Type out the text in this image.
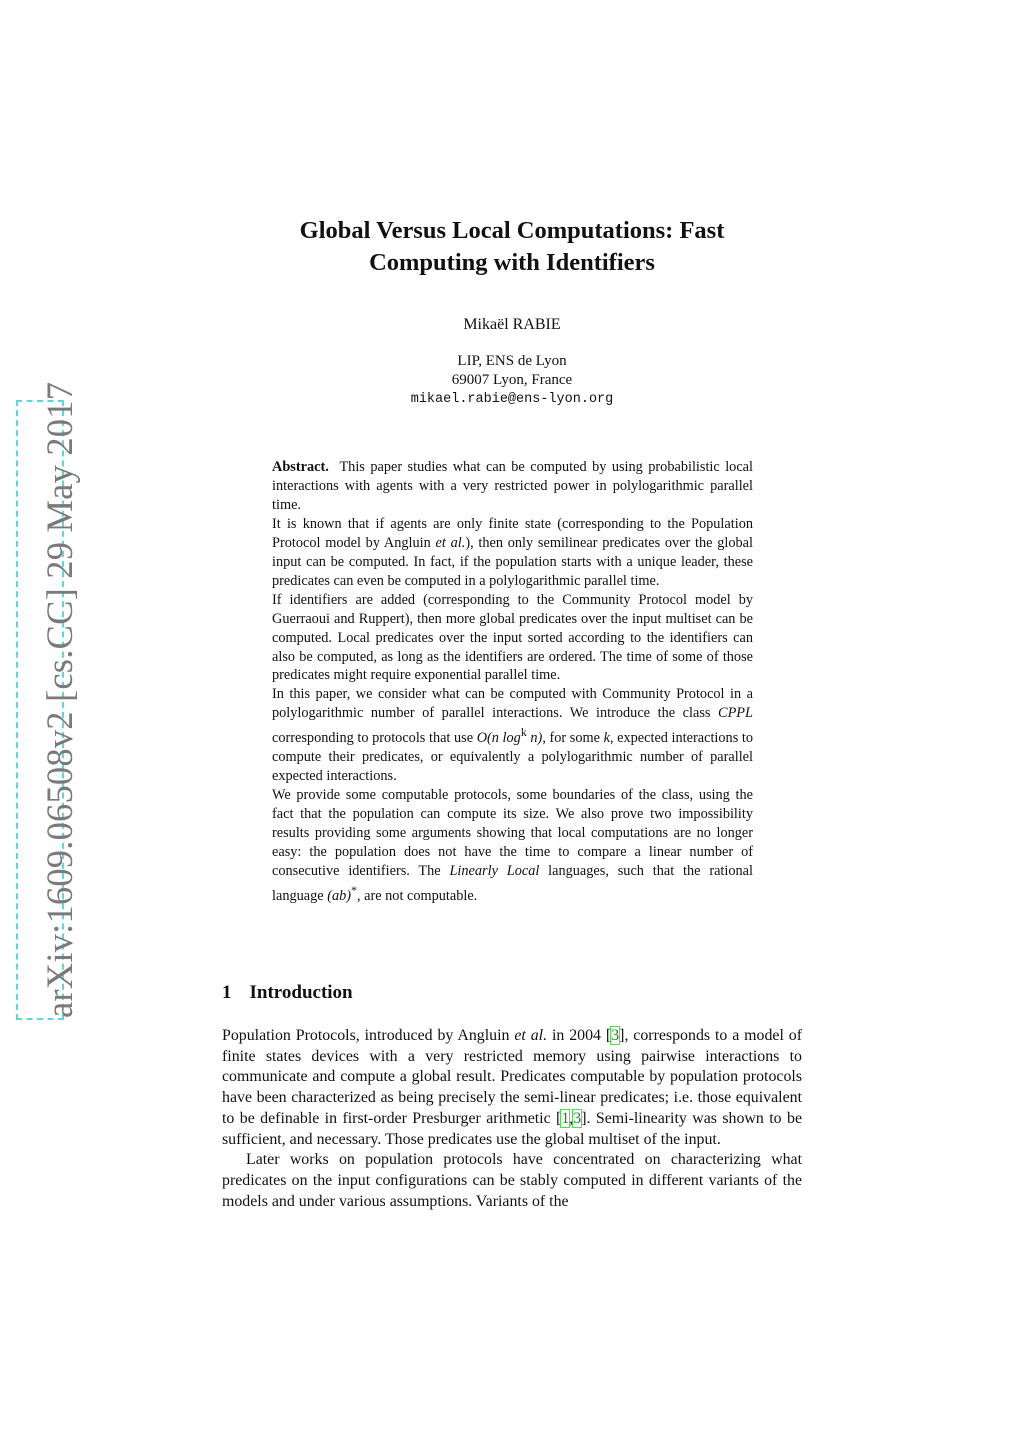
arXiv:1609.06508v2 [cs.CC] 29 May 2017
Global Versus Local Computations: Fast
Computing with Identifiers
Mikaël RABIE
LIP, ENS de Lyon
69007 Lyon, France
mikael.rabie@ens-lyon.org

Abstract. This paper studies what can be computed by using probabilistic local interactions with agents with a very restricted power in polylogarithmic parallel time.

It is known that if agents are only finite state (corresponding to the Population Protocol model by Angluin et al.), then only semilinear predicates over the global input can be computed. In fact, if the population starts with a unique leader, these predicates can even be computed in a polylogarithmic parallel time.

If identifiers are added (corresponding to the Community Protocol model by Guerraoui and Ruppert), then more global predicates over the input multiset can be computed. Local predicates over the input sorted according to the identifiers can also be computed, as long as the identifiers are ordered. The time of some of those predicates might require exponential parallel time.

In this paper, we consider what can be computed with Community Protocol in a polylogarithmic number of parallel interactions. We introduce the class CPPL corresponding to protocols that use O(n $\log^k n$), for some k, expected interactions to compute their predicates, or equivalently a polylogarithmic number of parallel expected interactions.

We provide some computable protocols, some boundaries of the class, using the fact that the population can compute its size. We also prove two impossibility results providing some arguments showing that local computations are no longer easy: the population does not have the time to compare a linear number of consecutive identifiers. The Linearly Local languages, such that the rational language (ab)*, are not computable.

1 Introduction

Population Protocols, introduced by Angluin et al. in 2004 [3], corresponds to a model of finite states devices with a very restricted memory using pairwise interactions to communicate and compute a global result. Predicates computable by population protocols have been characterized as being precisely the semi-linear predicates; i.e. those equivalent to be definable in first-order Presburger arithmetic [1,3]. Semi-linearity was shown to be sufficient, and necessary. Those predicates use the global multiset of the input.

Later works on population protocols have concentrated on characterizing what predicates on the input configurations can be stably computed in different variants of the models and under various assumptions. Variants of the
